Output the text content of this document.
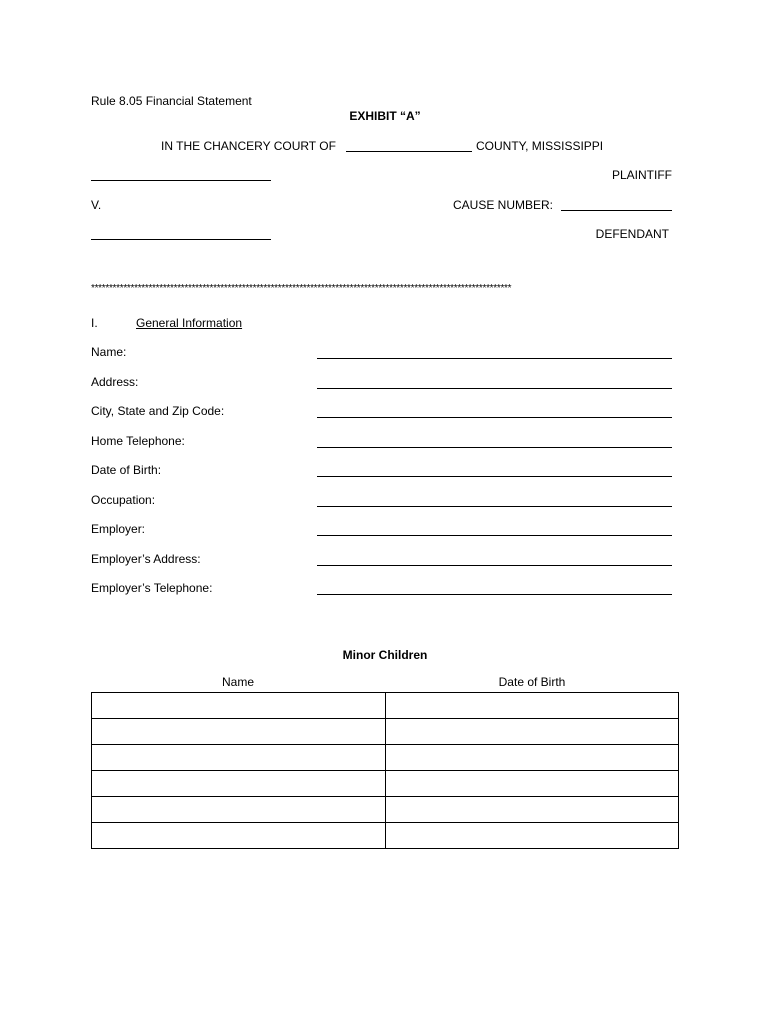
Rule 8.05 Financial Statement
EXHIBIT “A”
IN THE CHANCERY COURT OF	COUNTY, MISSISSIPPI
PLAINTIFF
V.	CAUSE NUMBER:
DEFENDANT
*********************************************************************************************************************
I.	General Information
Name:
Address:
City, State and Zip Code:
Home Telephone:
Date of Birth:
Occupation:
Employer:
Employer’s Address:
Employer’s Telephone:
Minor Children
Name	Date of Birth
